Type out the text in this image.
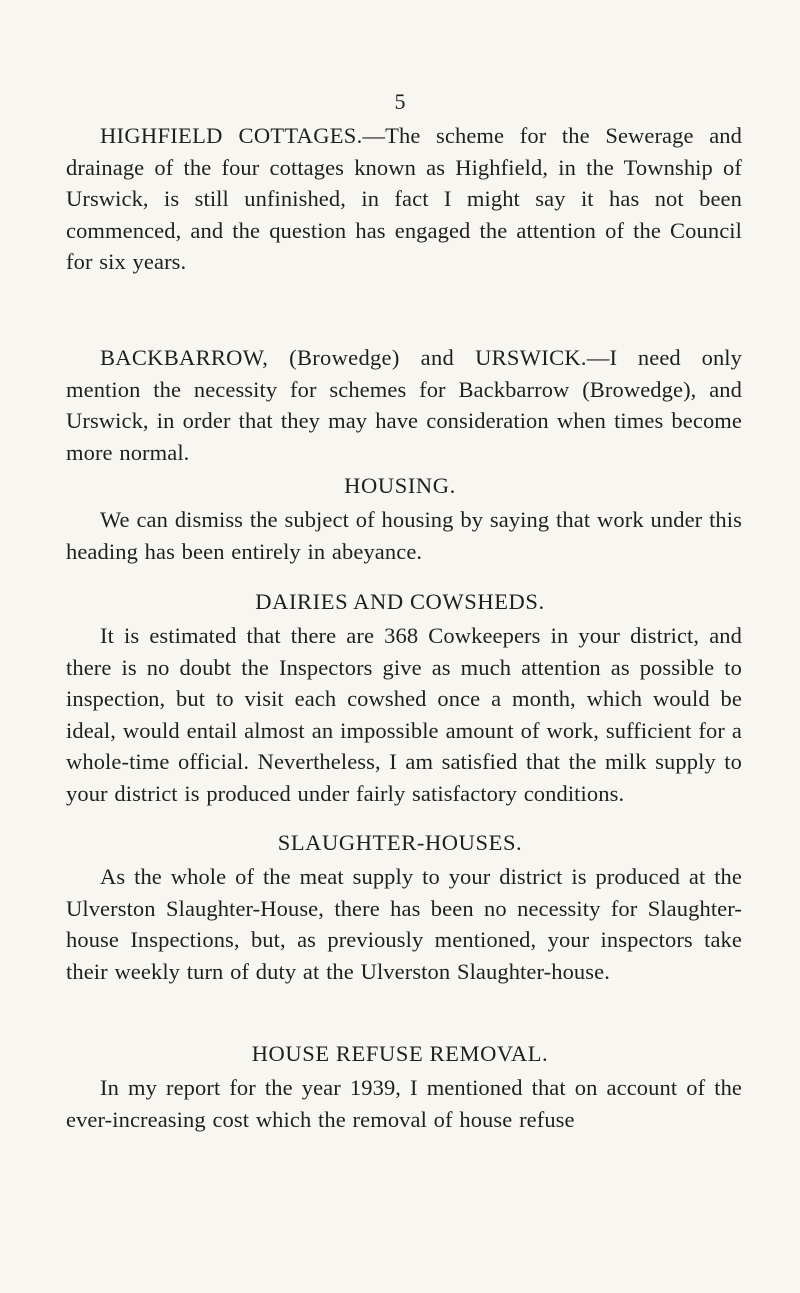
5

HIGHFIELD COTTAGES.—The scheme for the Sewerage and drainage of the four cottages known as Highfield, in the Township of Urswick, is still unfinished, in fact I might say it has not been commenced, and the question has engaged the attention of the Council for six years.

BACKBARROW, (Browedge) and URSWICK.—I need only mention the necessity for schemes for Backbarrow (Browedge), and Urswick, in order that they may have consideration when times become more normal.

HOUSING.

We can dismiss the subject of housing by saying that work under this heading has been entirely in abeyance.

DAIRIES AND COWSHEDS.

It is estimated that there are 368 Cowkeepers in your district, and there is no doubt the Inspectors give as much attention as possible to inspection, but to visit each cowshed once a month, which would be ideal, would entail almost an impossible amount of work, sufficient for a whole-time official. Nevertheless, I am satisfied that the milk supply to your district is produced under fairly satisfactory conditions.

SLAUGHTER-HOUSES.

As the whole of the meat supply to your district is produced at the Ulverston Slaughter-House, there has been no necessity for Slaughter-house Inspections, but, as previously mentioned, your inspectors take their weekly turn of duty at the Ulverston Slaughter-house.

HOUSE REFUSE REMOVAL.

In my report for the year 1939, I mentioned that on account of the ever-increasing cost which the removal of house refuse
